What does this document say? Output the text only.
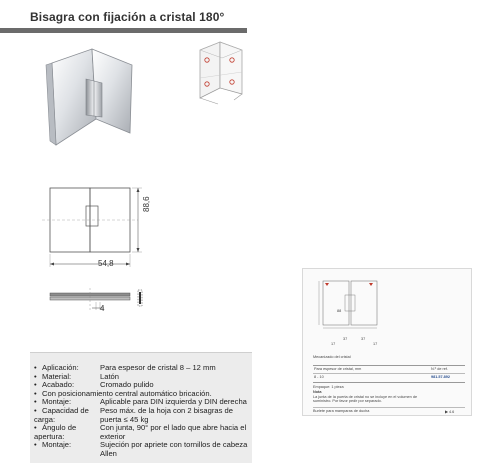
Bisagra con fijación a cristal 180°
54,8
88,6
4
• Aplicación:	Para espesor de cristal 8 – 12 mm
• Material:	Latón
• Acabado:	Cromado pulido
• Con posicionamiento central automático bricación.	
• Montaje:	Aplicable para DIN izquierda y DIN derecha
• Capacidad de carga:	Peso máx. de la hoja con 2 bisagras de puerta ≤ 45 kg
• Ángulo de apertura:	Con junta, 90° por el lado que abre hacia el exterior
• Montaje:	Sujeción por apriete con tornillos de cabeza Allen
88
37
17
37
17
Mecanizado del cristal
Para espesor de cristal, mm	N.º de ref.
8 - 10	981.57.892
Empaque: 1 pieza
Nota
La junta de la puerta de cristal no se incluye en el volumen de suministro. Por favor pedir por separado.
Burlete para mamparas de ducha	▶ 4.6
